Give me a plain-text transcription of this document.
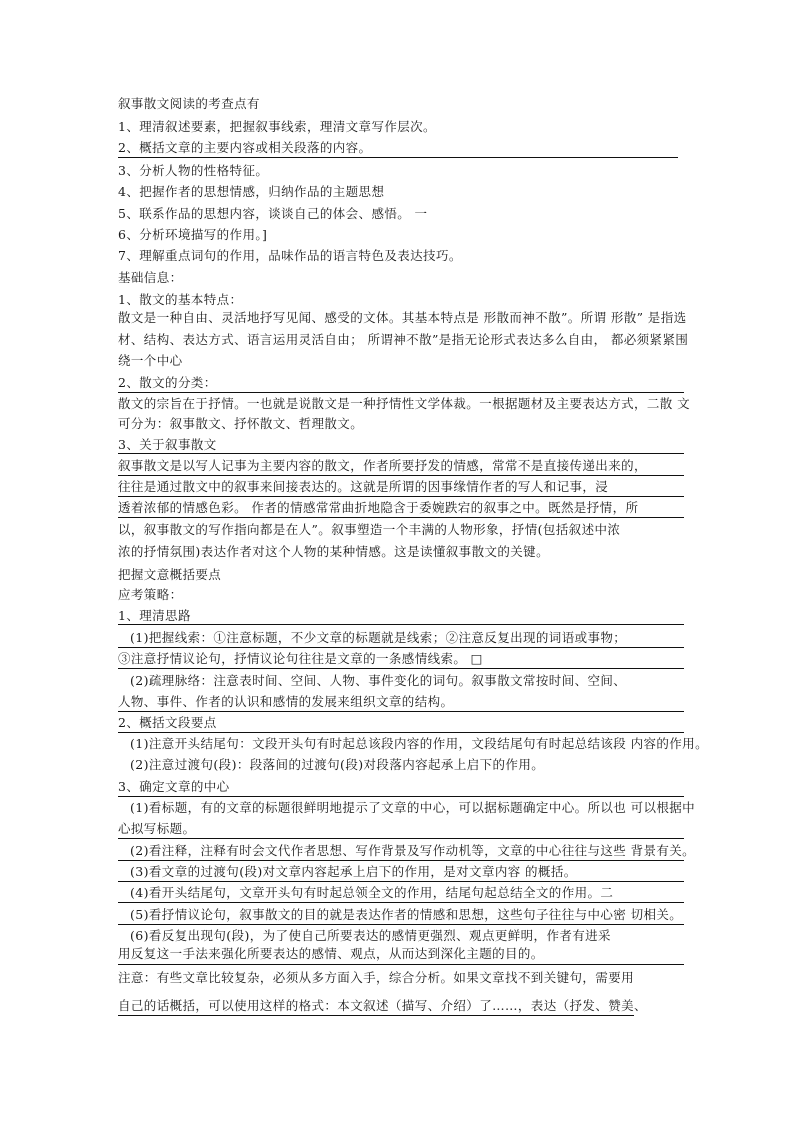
叙事散文阅读的考查点有
1、理清叙述要素，把握叙事线索，理清文章写作层次。
2、概括文章的主要内容或相关段落的内容。
3、分析人物的性格特征。
4、把握作者的思想情感，归纳作品的主题思想
5、联系作品的思想内容，谈谈自己的体会、感悟。 一
6、分析环境描写的作用。]
7、理解重点词句的作用，品味作品的语言特色及表达技巧。
基础信息：
1、散文的基本特点：
散文是一种自由、灵活地抒写见闻、感受的文体。其基本特点是 形散而神不散”。所谓 形散” 是指选
材、结构、表达方式、语言运用灵活自由； 所谓神不散”是指无论形式表达多么自由， 都必须紧紧围
绕一个中心
2、散文的分类：
散文的宗旨在于抒情。一也就是说散文是一种抒情性文学体裁。一根据题材及主要表达方式，二散 文
可分为：叙事散文、抒怀散文、哲理散文。
3、关于叙事散文
叙事散文是以写人记事为主要内容的散文，作者所要抒发的情感，常常不是直接传递出来的，
往往是通过散文中的叙事来间接表达的。这就是所谓的因事缘情作者的写人和记事，浸
透着浓郁的情感色彩。 作者的情感常常曲折地隐含于委婉跌宕的叙事之中。既然是抒情，所
以，叙事散文的写作指向都是在人”。叙事塑造一个丰满的人物形象，抒情(包括叙述中浓
浓的抒情氛围)表达作者对这个人物的某种情感。这是读懂叙事散文的关键。
把握文意概括要点
应考策略：
1、理清思路
(1)把握线索：①注意标题，不少文章的标题就是线索；②注意反复出现的词语或事物；
③注意抒情议论句，抒情议论句往往是文章的一条感情线索。 □
(2)疏理脉络：注意表时间、空间、人物、事件变化的词句。叙事散文常按时间、空间、
人物、事件、作者的认识和感情的发展来组织文章的结构。
2、概括文段要点
(1)注意开头结尾句：文段开头句有时起总该段内容的作用，文段结尾句有时起总结该段 内容的作用。
(2)注意过渡句(段)：段落间的过渡句(段)对段落内容起承上启下的作用。
3、确定文章的中心
(1)看标题，有的文章的标题很鲜明地提示了文章的中心，可以据标题确定中心。所以也 可以根据中
心拟写标题。
(2)看注释，注释有时会文代作者思想、写作背景及写作动机等，文章的中心往往与这些 背景有关。
(3)看文章的过渡句(段)对文章内容起承上启下的作用，是对文章内容 的概括。
(4)看开头结尾句，文章开头句有时起总领全文的作用，结尾句起总结全文的作用。二
(5)看抒情议论句，叙事散文的目的就是表达作者的情感和思想，这些句子往往与中心密 切相关。
(6)看反复出现句(段)，为了使自己所要表达的感情更强烈、观点更鲜明，作者有进采
用反复这一手法来强化所要表达的感情、观点，从而达到深化主题的目的。
注意：有些文章比较复杂，必须从多方面入手，综合分析。如果文章找不到关键句，需要用
自己的话概括，可以使用这样的格式：本文叙述（描写、介绍）了……，表达（抒发、赞美、
